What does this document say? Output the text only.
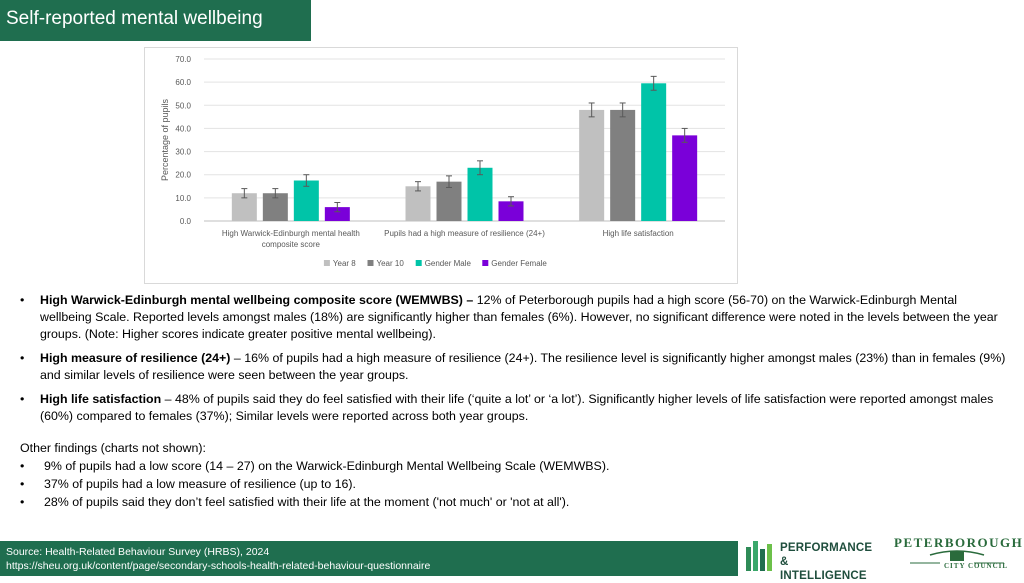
Self-reported mental wellbeing
0.0
10.0
20.0
30.0
40.0
50.0
60.0
70.0
Percentage of pupils
High Warwick-Edinburgh mental health
composite score
Pupils had a high measure of resilience (24+)	High life satisfaction
Year 8	Year 10	Gender Male	Gender Female
• High Warwick-Edinburgh mental wellbeing composite score (WEMWBS) – 12% of Peterborough pupils had a high score (56-70) on the Warwick-Edinburgh Mental wellbeing Scale. Reported levels amongst males (18%) are significantly higher than females (6%). However, no significant difference were noted in the levels between the year groups. (Note: Higher scores indicate greater positive mental wellbeing).
• High measure of resilience (24+) – 16% of pupils had a high measure of resilience (24+). The resilience level is significantly higher amongst males (23%) than in females (9%) and similar levels of resilience were seen between the year groups.
• High life satisfaction – 48% of pupils said they do feel satisfied with their life (‘quite a lot’ or ‘a lot’). Significantly higher levels of life satisfaction were reported amongst males (60%) compared to females (37%); Similar levels were reported across both year groups.
Other findings (charts not shown):
• 9% of pupils had a low score (14 – 27) on the Warwick-Edinburgh Mental Wellbeing Scale (WEMWBS).
• 37% of pupils had a low measure of resilience (up to 16).
• 28% of pupils said they don’t feel satisfied with their life at the moment ('not much' or 'not at all').
Source: Health-Related Behaviour Survey (HRBS), 2024
https://sheu.org.uk/content/page/secondary-schools-health-related-behaviour-questionnaire
PERFORMANCE &
INTELLIGENCE
PETERBOROUGH
CITY COUNCIL
